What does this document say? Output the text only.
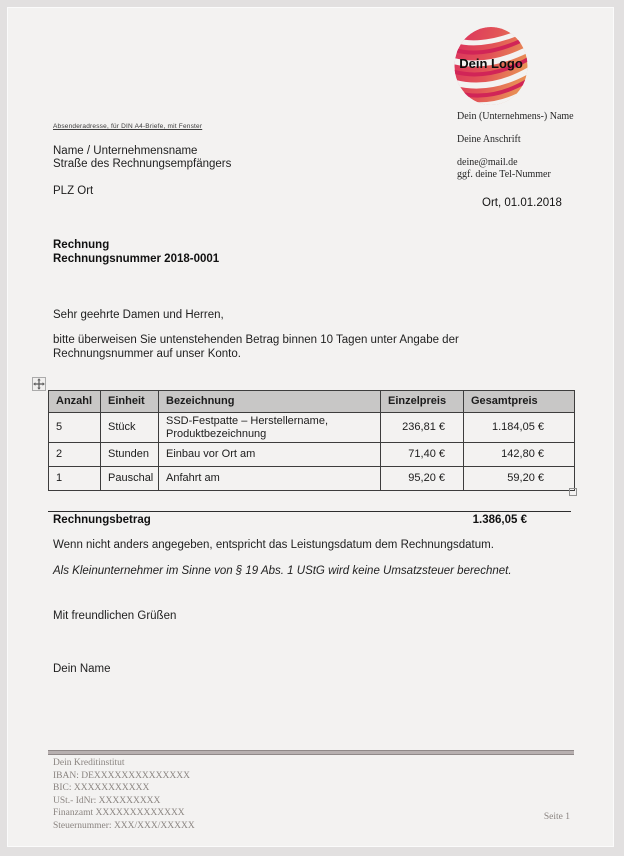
Dein Logo
Dein (Unternehmens-) Name
Deine Anschrift
deine@mail.de
ggf. deine Tel-Nummer
Ort, 01.01.2018
Absenderadresse, für DIN A4-Briefe, mit Fenster
Name / Unternehmensname
Straße des Rechnungsempfängers
PLZ Ort
Rechnung
Rechnungsnummer 2018-0001
Sehr geehrte Damen und Herren,
bitte überweisen Sie untenstehenden Betrag binnen 10 Tagen unter Angabe der
Rechnungsnummer auf unser Konto.
Anzahl	Einheit	Bezeichnung	Einzelpreis	Gesamtpreis
5	Stück	SSD-Festpatte – Herstellername, Produktbezeichnung	236,81 €	1.184,05 €
2	Stunden	Einbau vor Ort am	71,40 €	142,80 €
1	Pauschal	Anfahrt am	95,20 €	59,20 €
Rechnungsbetrag	1.386,05 €
Wenn nicht anders angegeben, entspricht das Leistungsdatum dem Rechnungsdatum.
Als Kleinunternehmer im Sinne von § 19 Abs. 1 UStG wird keine Umsatzsteuer berechnet.
Mit freundlichen Grüßen
Dein Name
Dein Kreditinstitut
IBAN: DEXXXXXXXXXXXXXX
BIC: XXXXXXXXXXX
USt.- IdNr: XXXXXXXXX
Finanzamt XXXXXXXXXXXXX
Steuernummer: XXX/XXX/XXXXX
Seite 1
